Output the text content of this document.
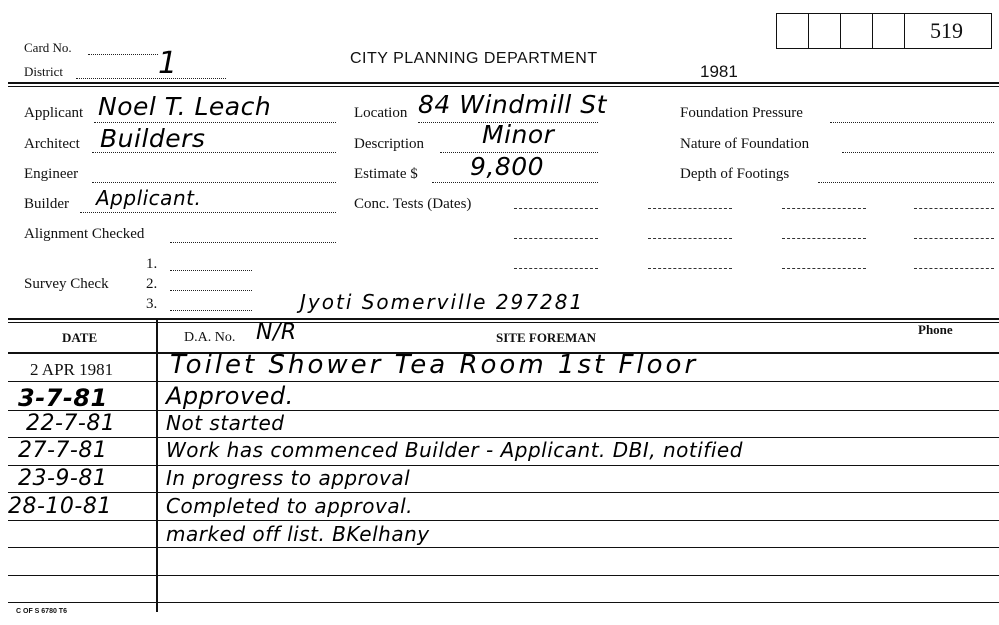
Card No.
District	1	CITY PLANNING DEPARTMENT
1981
519
Applicant Noel T. Leach
Architect Builders
Engineer
Builder Applicant.
Alignment Checked
Survey Check
1.
2.
3.	Jyoti Somerville 297281
Location 84 Windmill St
Description Minor
Estimate $ 9,800
Conc. Tests (Dates)
Foundation Pressure
Nature of Foundation
Depth of Footings
DATE	D.A. No. N/R	SITE FOREMAN
Phone
2 APR 1981 Toilet Shower Tea Room 1st Floor
3-7-81 Approved.
22-7-81	Not started
27-7-81	Work has commenced Builder - Applicant. DBI, notified
23-9-81	In progress to approval
28-10-81	Completed to approval.
marked off list. BKelhany
C OF S 6780 T6
